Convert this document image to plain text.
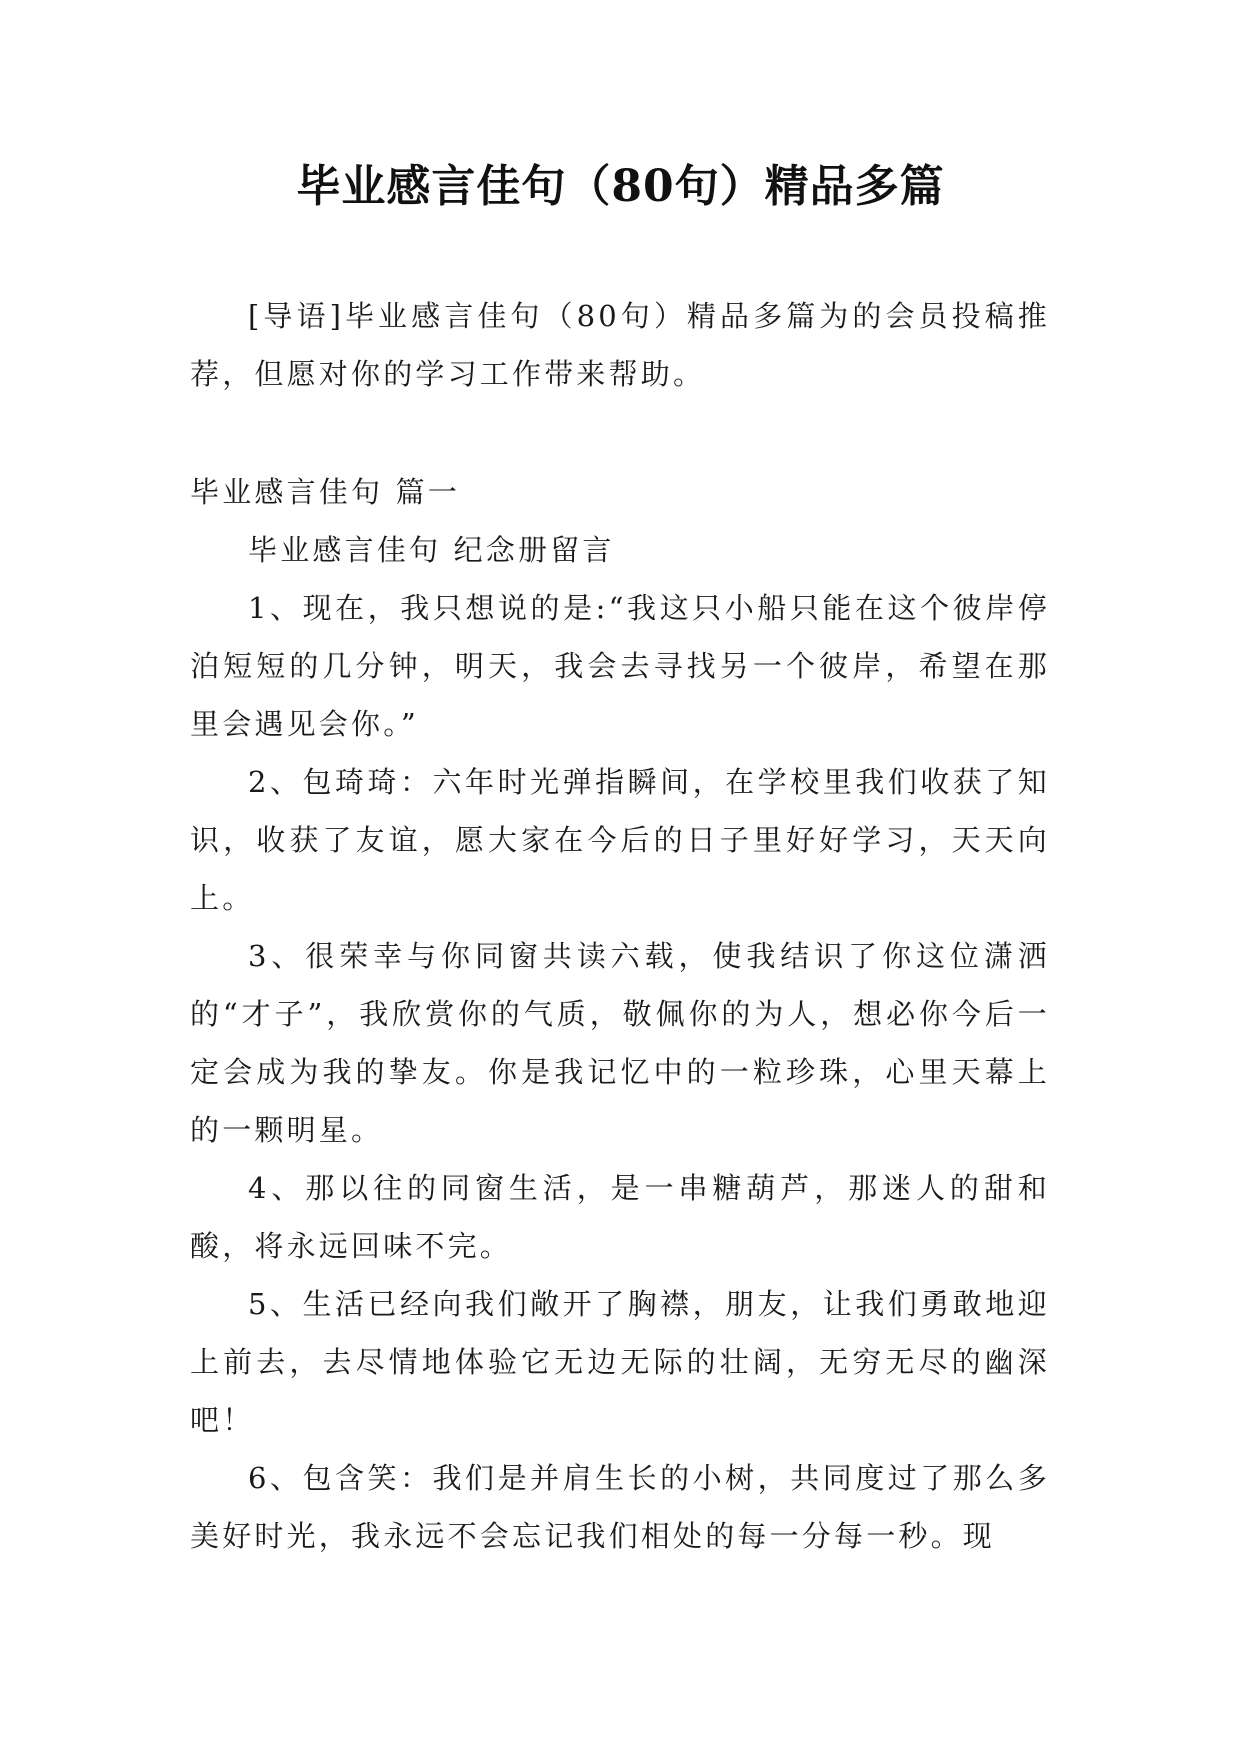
毕业感言佳句（80句）精品多篇

[导语]毕业感言佳句（80句）精品多篇为的会员投稿推荐，但愿对你的学习工作带来帮助。

毕业感言佳句 篇一

毕业感言佳句 纪念册留言

1、现在，我只想说的是:“我这只小船只能在这个彼岸停泊短短的几分钟，明天，我会去寻找另一个彼岸，希望在那里会遇见会你。”

2、包琦琦：六年时光弹指瞬间，在学校里我们收获了知识，收获了友谊，愿大家在今后的日子里好好学习，天天向上。

3、很荣幸与你同窗共读六载，使我结识了你这位潇洒的“才子”，我欣赏你的气质，敬佩你的为人，想必你今后一定会成为我的挚友。你是我记忆中的一粒珍珠，心里天幕上的一颗明星。

4、那以往的同窗生活，是一串糖葫芦，那迷人的甜和酸，将永远回味不完。

5、生活已经向我们敞开了胸襟，朋友，让我们勇敢地迎上前去，去尽情地体验它无边无际的壮阔，无穷无尽的幽深吧！

6、包含笑：我们是并肩生长的小树，共同度过了那么多美好时光，我永远不会忘记我们相处的每一分每一秒。现
